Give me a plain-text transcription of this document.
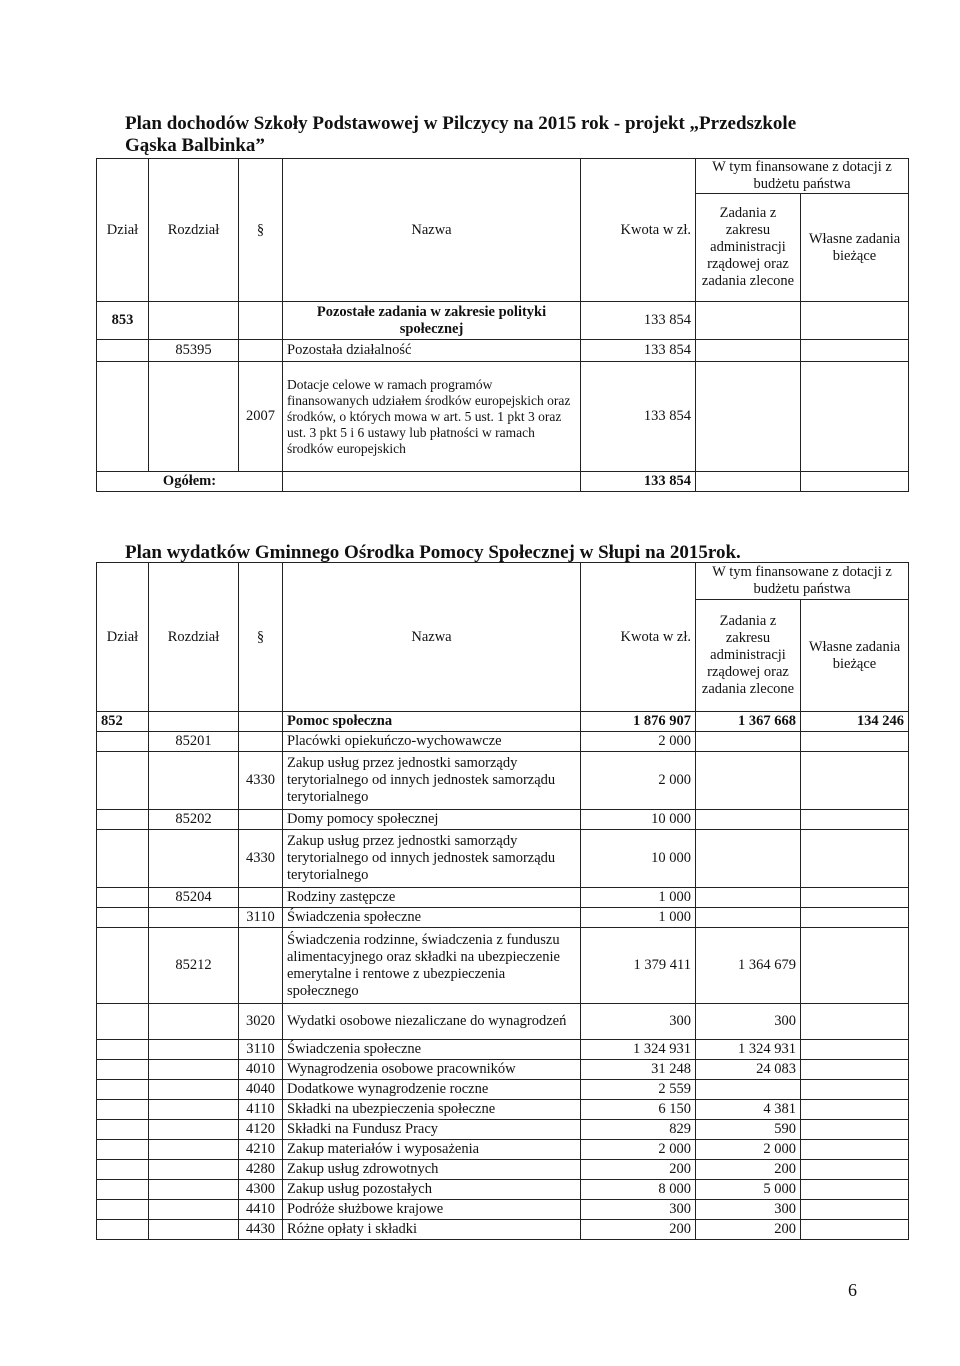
Plan dochodów Szkoły Podstawowej w Pilczycy na 2015 rok - projekt „Przedszkole
Gąska Balbinka”
Dział	Rozdział	§	Nazwa	Kwota w zł.	W tym finansowane z dotacji z budżetu państwa	
					Zadania z zakresu administracji rządowej oraz zadania zlecone	Własne zadania bieżące
853			Pozostałe zadania w zakresie polityki społecznej	133 854		
	85395		Pozostała działalność	133 854		
		2007	Dotacje celowe w ramach programów finansowanych udziałem środków europejskich oraz środków, o których mowa w art. 5 ust. 1 pkt 3 oraz ust. 3 pkt 5 i 6 ustawy lub płatności w ramach środków europejskich	133 854		
Ogółem:				133 854		
Plan wydatków Gminnego Ośrodka Pomocy Społecznej w Słupi na 2015rok.
Dział	Rozdział	§	Nazwa	Kwota w zł.	W tym finansowane z dotacji z budżetu państwa	
					Zadania z zakresu administracji rządowej oraz zadania zlecone	Własne zadania bieżące
852			Pomoc społeczna	1 876 907	1 367 668	134 246
	85201		Placówki opiekuńczo-wychowawcze	2 000		
		4330	Zakup usług przez jednostki samorządy terytorialnego od innych jednostek samorządu terytorialnego	2 000		
	85202		Domy pomocy społecznej	10 000		
		4330	Zakup usług przez jednostki samorządy terytorialnego od innych jednostek samorządu terytorialnego	10 000		
	85204		Rodziny zastępcze	1 000		
		3110	Świadczenia społeczne	1 000		
	85212		Świadczenia rodzinne, świadczenia z funduszu alimentacyjnego oraz składki na ubezpieczenie emerytalne i rentowe z ubezpieczenia społecznego	1 379 411	1 364 679	
		3020	Wydatki osobowe niezaliczane do wynagrodzeń	300	300	
		3110	Świadczenia społeczne	1 324 931	1 324 931	
		4010	Wynagrodzenia osobowe pracowników	31 248	24 083	
		4040	Dodatkowe wynagrodzenie roczne	2 559		
		4110	Składki na ubezpieczenia społeczne	6 150	4 381	
		4120	Składki na Fundusz Pracy	829	590	
		4210	Zakup materiałów i wyposażenia	2 000	2 000	
		4280	Zakup usług zdrowotnych	200	200	
		4300	Zakup usług pozostałych	8 000	5 000	
		4410	Podróże służbowe krajowe	300	300	
		4430	Różne opłaty i składki	200	200	
6
